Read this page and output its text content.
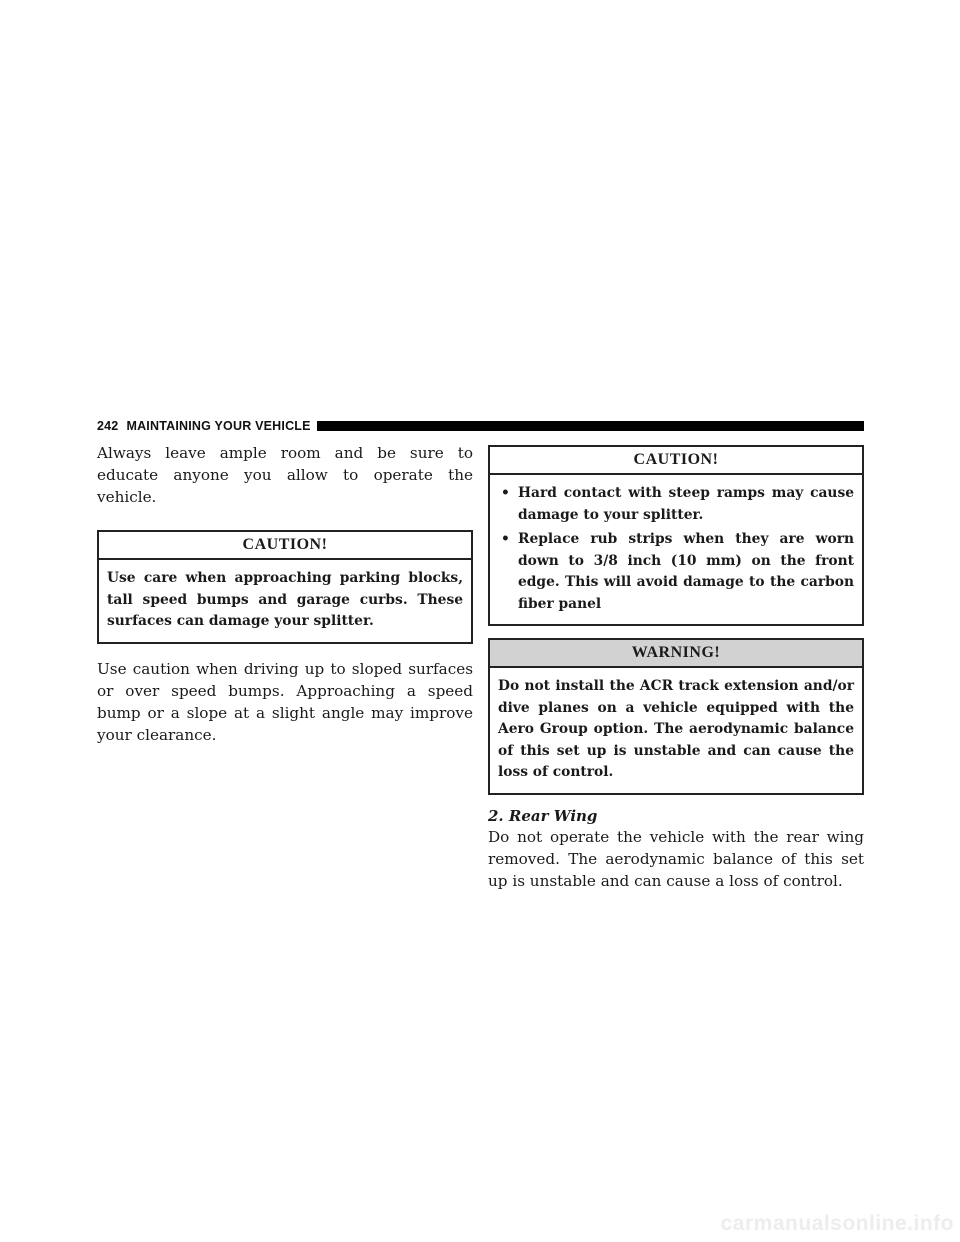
242 MAINTAINING YOUR VEHICLE

Always leave ample room and be sure to educate anyone you allow to operate the vehicle.

CAUTION!

Use care when approaching parking blocks, tall speed bumps and garage curbs. These surfaces can damage your splitter.

Use caution when driving up to sloped surfaces or over speed bumps. Approaching a speed bump or a slope at a slight angle may improve your clearance.

CAUTION!
• Hard contact with steep ramps may cause damage to your splitter.
• Replace rub strips when they are worn down to 3/8 inch (10 mm) on the front edge. This will avoid damage to the carbon fiber panel
WARNING!

Do not install the ACR track extension and/or dive planes on a vehicle equipped with the Aero Group option. The aerodynamic balance of this set up is unstable and can cause the loss of control.

2. Rear Wing

Do not operate the vehicle with the rear wing removed. The aerodynamic balance of this set up is unstable and can cause a loss of control.

carmanualsonline.info
